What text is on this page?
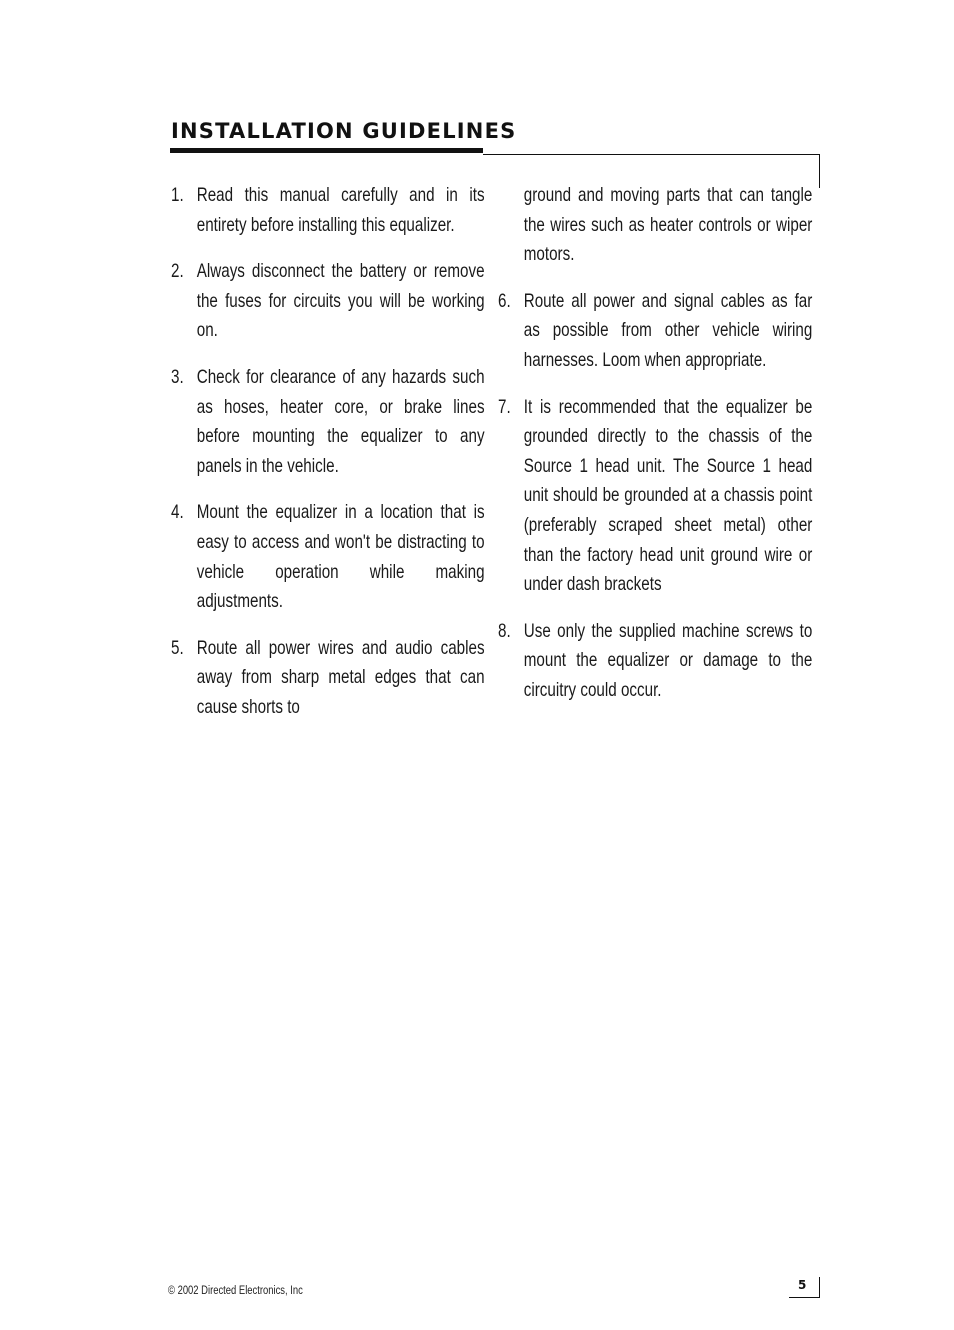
INSTALLATION GUIDELINES
1. Read this manual carefully and in its entirety before installing this equalizer.
2. Always disconnect the battery or remove the fuses for circuits you will be working on.
3. Check for clearance of any hazards such as hoses, heater core, or brake lines before mounting the equalizer to any panels in the vehicle.
4. Mount the equalizer in a location that is easy to access and won't be distracting to vehicle operation while making adjustments.
5. Route all power wires and audio cables away from sharp metal edges that can cause shorts to
ground and moving parts that can tangle the wires such as heater controls or wiper motors.
6. Route all power and signal cables as far as possible from other vehicle wiring harnesses. Loom when appropriate.
7. It is recommended that the equalizer be grounded directly to the chassis of the Source 1 head unit. The Source 1 head unit should be grounded at a chassis point (preferably scraped sheet metal) other than the factory head unit ground wire or under dash brackets
8. Use only the supplied machine screws to mount the equalizer or damage to the circuitry could occur.
© 2002 Directed Electronics, Inc	5
